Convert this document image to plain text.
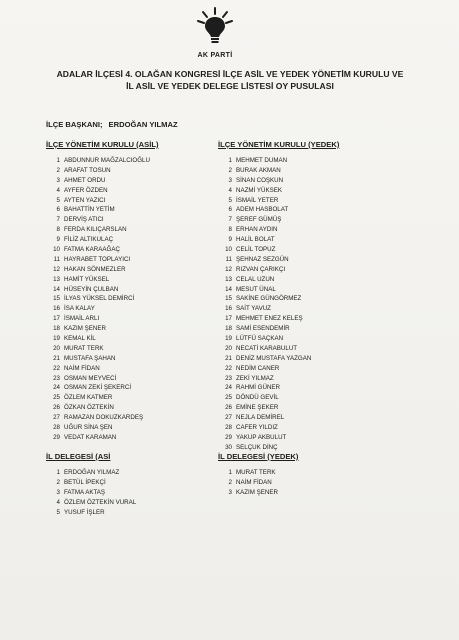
AK PARTİ
ADALAR İLÇESİ 4. OLAĞAN KONGRESİ İLÇE ASİL VE YEDEK YÖNETİM KURULU VE
İL ASİL VE YEDEK DELEGE LİSTESİ OY PUSULASI
İLÇE BAŞKANI; ERDOĞAN YILMAZ
İLÇE YÖNETİM KURULU (ASİL)
1 ABDUNNUR MAĞZALCIOĞLU
2 ARAFAT TOSUN
3 AHMET ORDU
4 AYFER ÖZDEN
5 AYTEN YAZICI
6 BAHATTİN YETİM
7 DERVİŞ ATICI
8 FERDA KILIÇARSLAN
9 FİLİZ ALTIKULAÇ
10 FATMA KARAAĞAÇ
11 HAYRABET TOPLAYICI
12 HAKAN SÖNMEZLER
13 HAMİT YÜKSEL
14 HÜSEYİN ÇULBAN
15 İLYAS YÜKSEL DEMİRCİ
16 İSA KALAY
17 İSMAİL ARLI
18 KAZIM ŞENER
19 KEMAL KİL
20 MURAT TERK
21 MUSTAFA ŞAHAN
22 NAİM FİDAN
23 OSMAN MEYVECİ
24 OSMAN ZEKİ ŞEKERCİ
25 ÖZLEM KATMER
26 ÖZKAN ÖZTEKİN
27 RAMAZAN DOKUZKARDEŞ
28 UĞUR SİNA ŞEN
29 VEDAT KARAMAN
İLÇE YÖNETİM KURULU (YEDEK)
1 MEHMET DUMAN
2 BURAK AKMAN
3 SİNAN COŞKUN
4 NAZMİ YÜKSEK
5 İSMAİL YETER
6 ADEM HASBOLAT
7 ŞEREF GÜMÜŞ
8 ERHAN AYDIN
9 HALİL BOLAT
10 CELİL TOPUZ
11 ŞEHNAZ SEZGÜN
12 RIZVAN ÇARIKÇI
13 CELAL UZUN
14 MESUT ÜNAL
15 SAKİNE GÜNGÖRMEZ
16 SAİT YAVUZ
17 MEHMET ENEZ KELEŞ
18 SAMİ ESENDEMİR
19 LÜTFÜ SAÇKAN
20 NECATİ KARABULUT
21 DENİZ MUSTAFA YAZGAN
22 NEDİM CANER
23 ZEKİ YILMAZ
24 RAHMİ GÜNER
25 DÖNDÜ GEVİL
26 EMİNE ŞEKER
27 NEJLA DEMİREL
28 CAFER YILDIZ
29 YAKUP AKBULUT
30 SELÇUK DİNÇ
İL DELEGESİ (ASİ
1 ERDOĞAN YILMAZ
2 BETÜL İPEKÇİ
3 FATMA AKTAŞ
4 ÖZLEM ÖZTEKİN VURAL
5 YUSUF İŞLER
İL DELEGESİ (YEDEK)
1 MURAT TERK
2 NAİM FİDAN
3 KAZIM ŞENER
